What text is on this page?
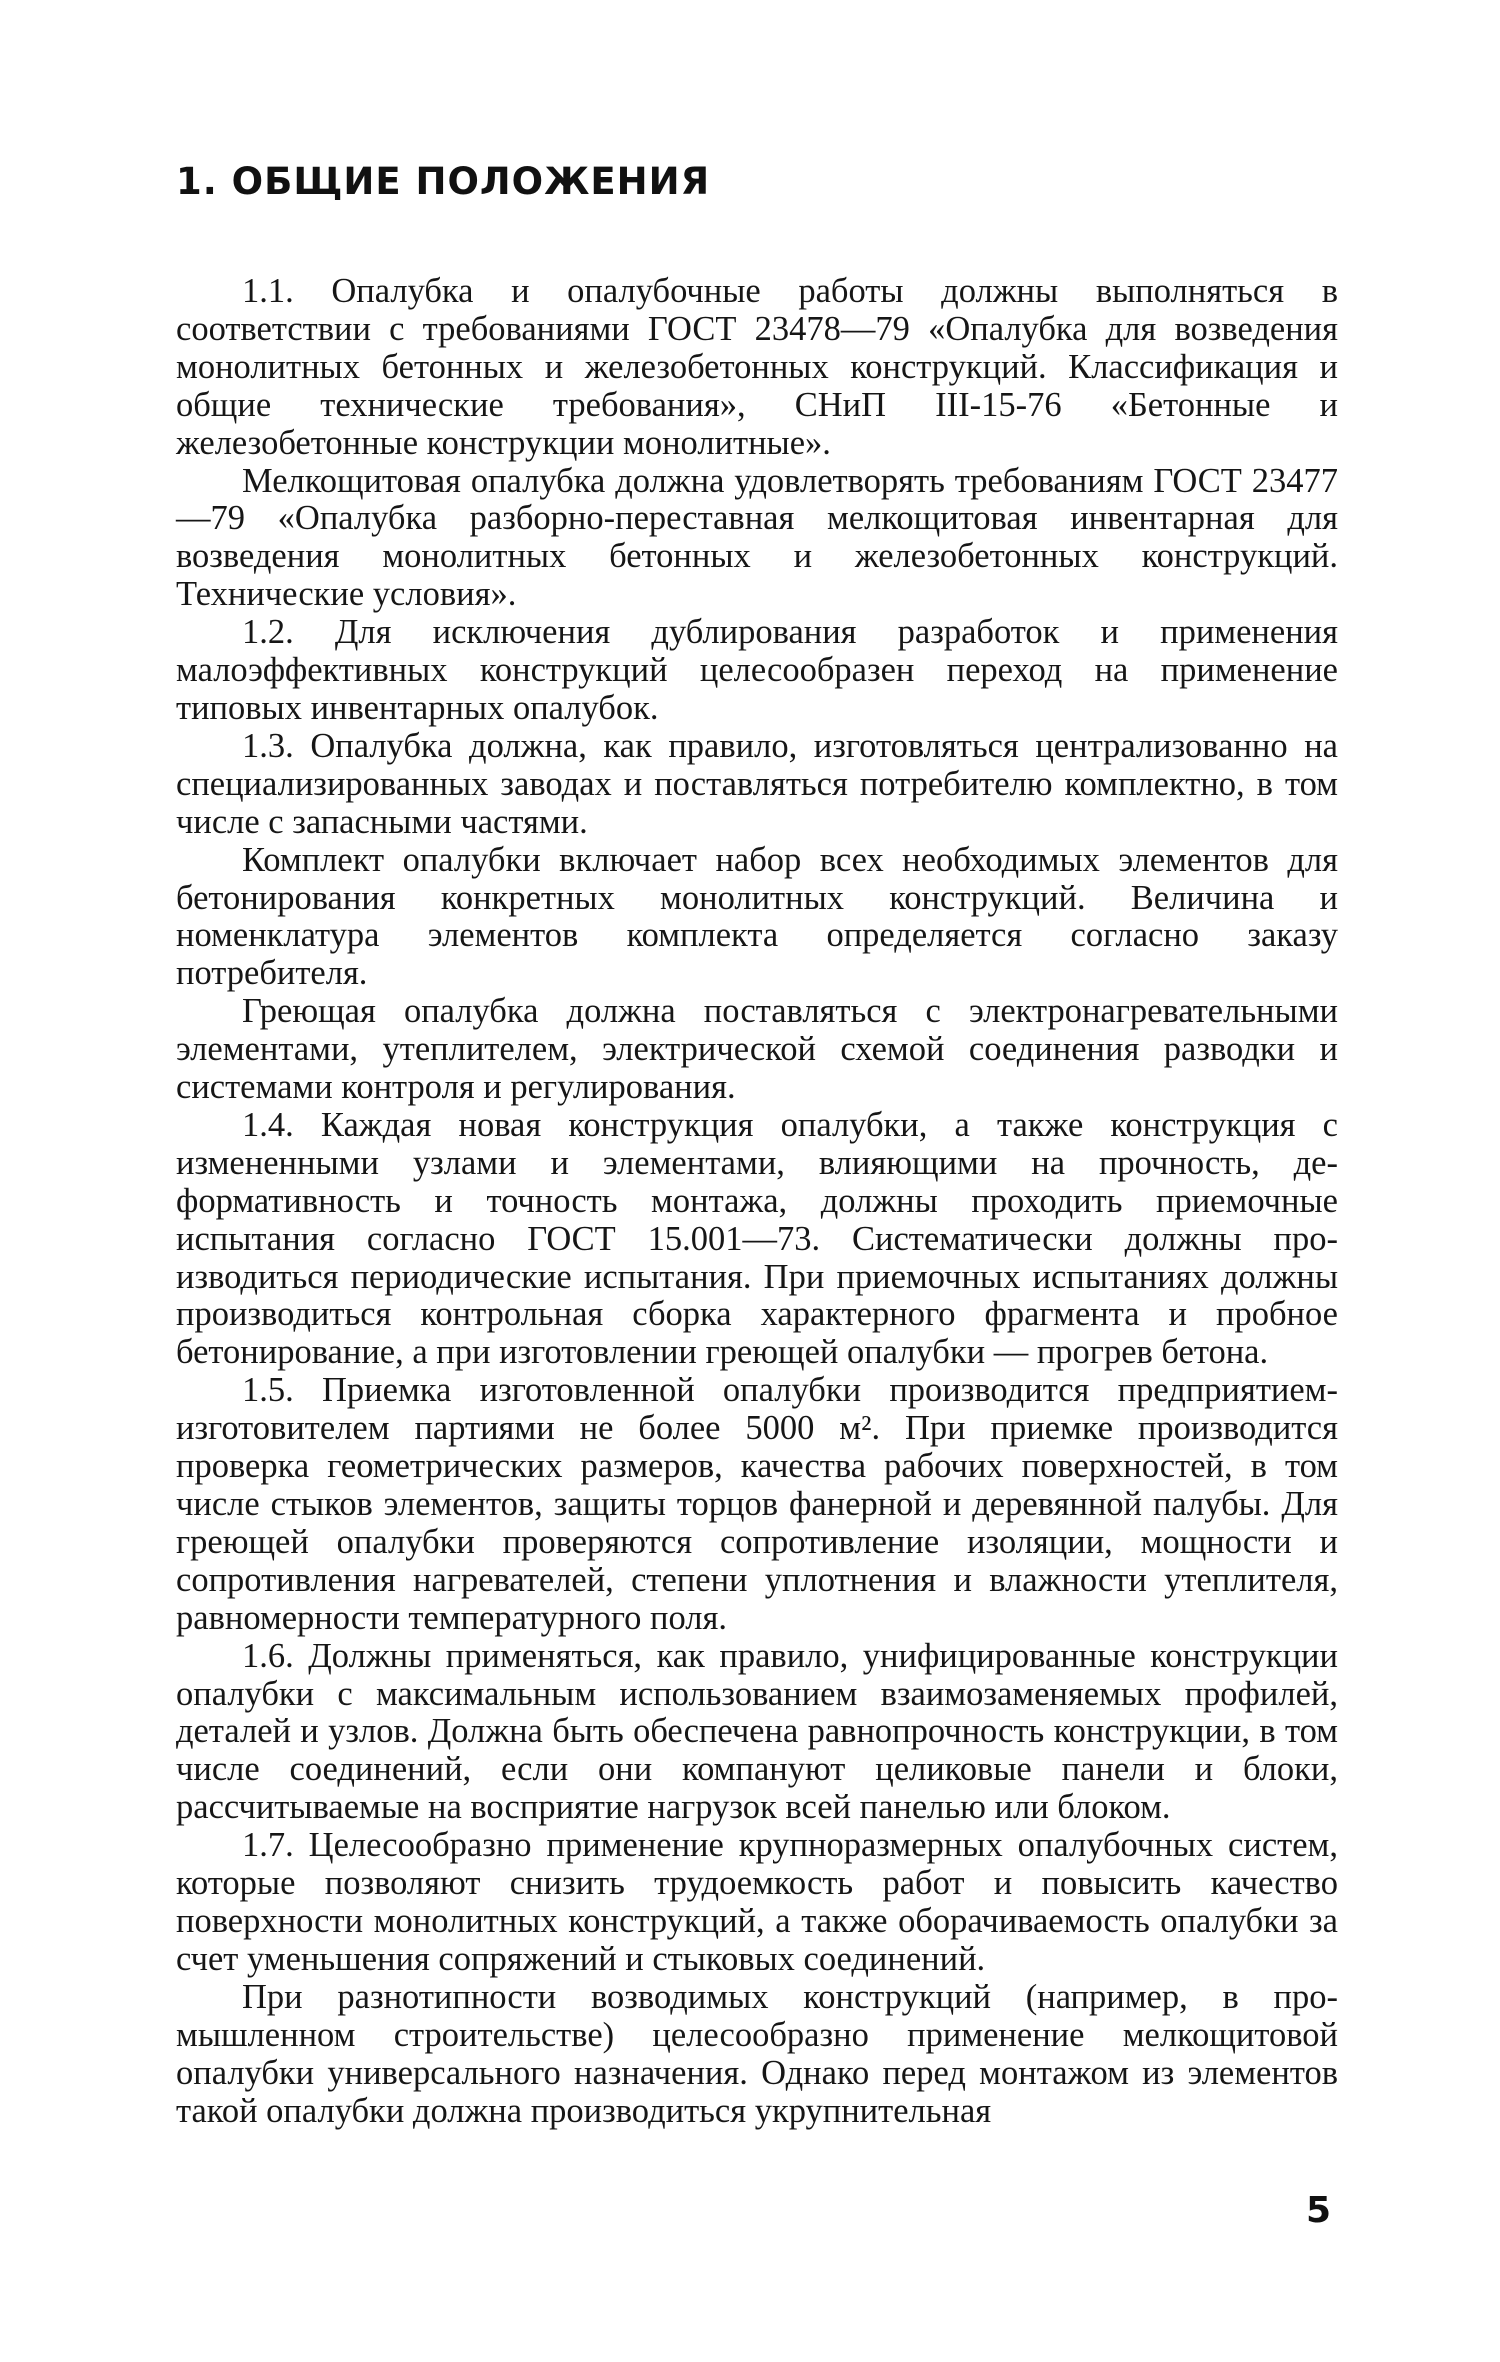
1. ОБЩИЕ ПОЛОЖЕНИЯ

1.1. Опалубка и опалубочные работы должны выполняться в соответствии с требованиями ГОСТ 23478—79 «Опалубка для возведения монолитных бетонных и железобетонных конструкций. Классификация и общие технические требования», СНиП III-15-76 «Бетонные и железобетонные конструкции монолитные».

Мелкощитовая опалубка должна удовлетворять требованиям ГОСТ 23477—79 «Опалубка разборно-переставная мелкощитовая инвентарная для возведения монолитных бетонных и железобетонных конструкций. Технические условия».

1.2. Для исключения дублирования разработок и применения малоэффективных конструкций целесообразен переход на применение типовых инвентарных опалубок.

1.3. Опалубка должна, как правило, изготовляться централизованно на специализированных заводах и поставляться потребителю комплектно, в том числе с запасными частями.

Комплект опалубки включает набор всех необходимых элементов для бетонирования конкретных монолитных конструкций. Величина и номенклатура элементов комплекта определяется согласно заказу потребителя.

Греющая опалубка должна поставляться с электронагревательными элементами, утеплителем, электрической схемой соединения разводки и системами контроля и регулирования.

1.4. Каждая новая конструкция опалубки, а также конструкция с измененными узлами и элементами, влияющими на прочность, деформативность и точность монтажа, должны проходить приемочные испытания согласно ГОСТ 15.001—73. Систематически должны производиться периодические испытания. При приемочных испытаниях должны производиться контрольная сборка характерного фрагмента и пробное бетонирование, а при изготовлении греющей опалубки — прогрев бетона.

1.5. Приемка изготовленной опалубки производится предприятием-изготовителем партиями не более 5000 м². При приемке производится проверка геометрических размеров, качества рабочих поверхностей, в том числе стыков элементов, защиты торцов фанерной и деревянной палубы. Для греющей опалубки проверяются сопротивление изоляции, мощности и сопротивления нагревателей, степени уплотнения и влажности утеплителя, равномерности температурного поля.

1.6. Должны применяться, как правило, унифицированные конструкции опалубки с максимальным использованием взаимозаменяемых профилей, деталей и узлов. Должна быть обеспечена равнопрочность конструкции, в том числе соединений, если они компануют целиковые панели и блоки, рассчитываемые на восприятие нагрузок всей панелью или блоком.

1.7. Целесообразно применение крупноразмерных опалубочных систем, которые позволяют снизить трудоемкость работ и повысить качество поверхности монолитных конструкций, а также оборачиваемость опалубки за счет уменьшения сопряжений и стыковых соединений.

При разнотипности возводимых конструкций (например, в промышленном строительстве) целесообразно применение мелкощитовой опалубки универсального назначения. Однако перед монтажом из элементов такой опалубки должна производиться укрупнительная

5
